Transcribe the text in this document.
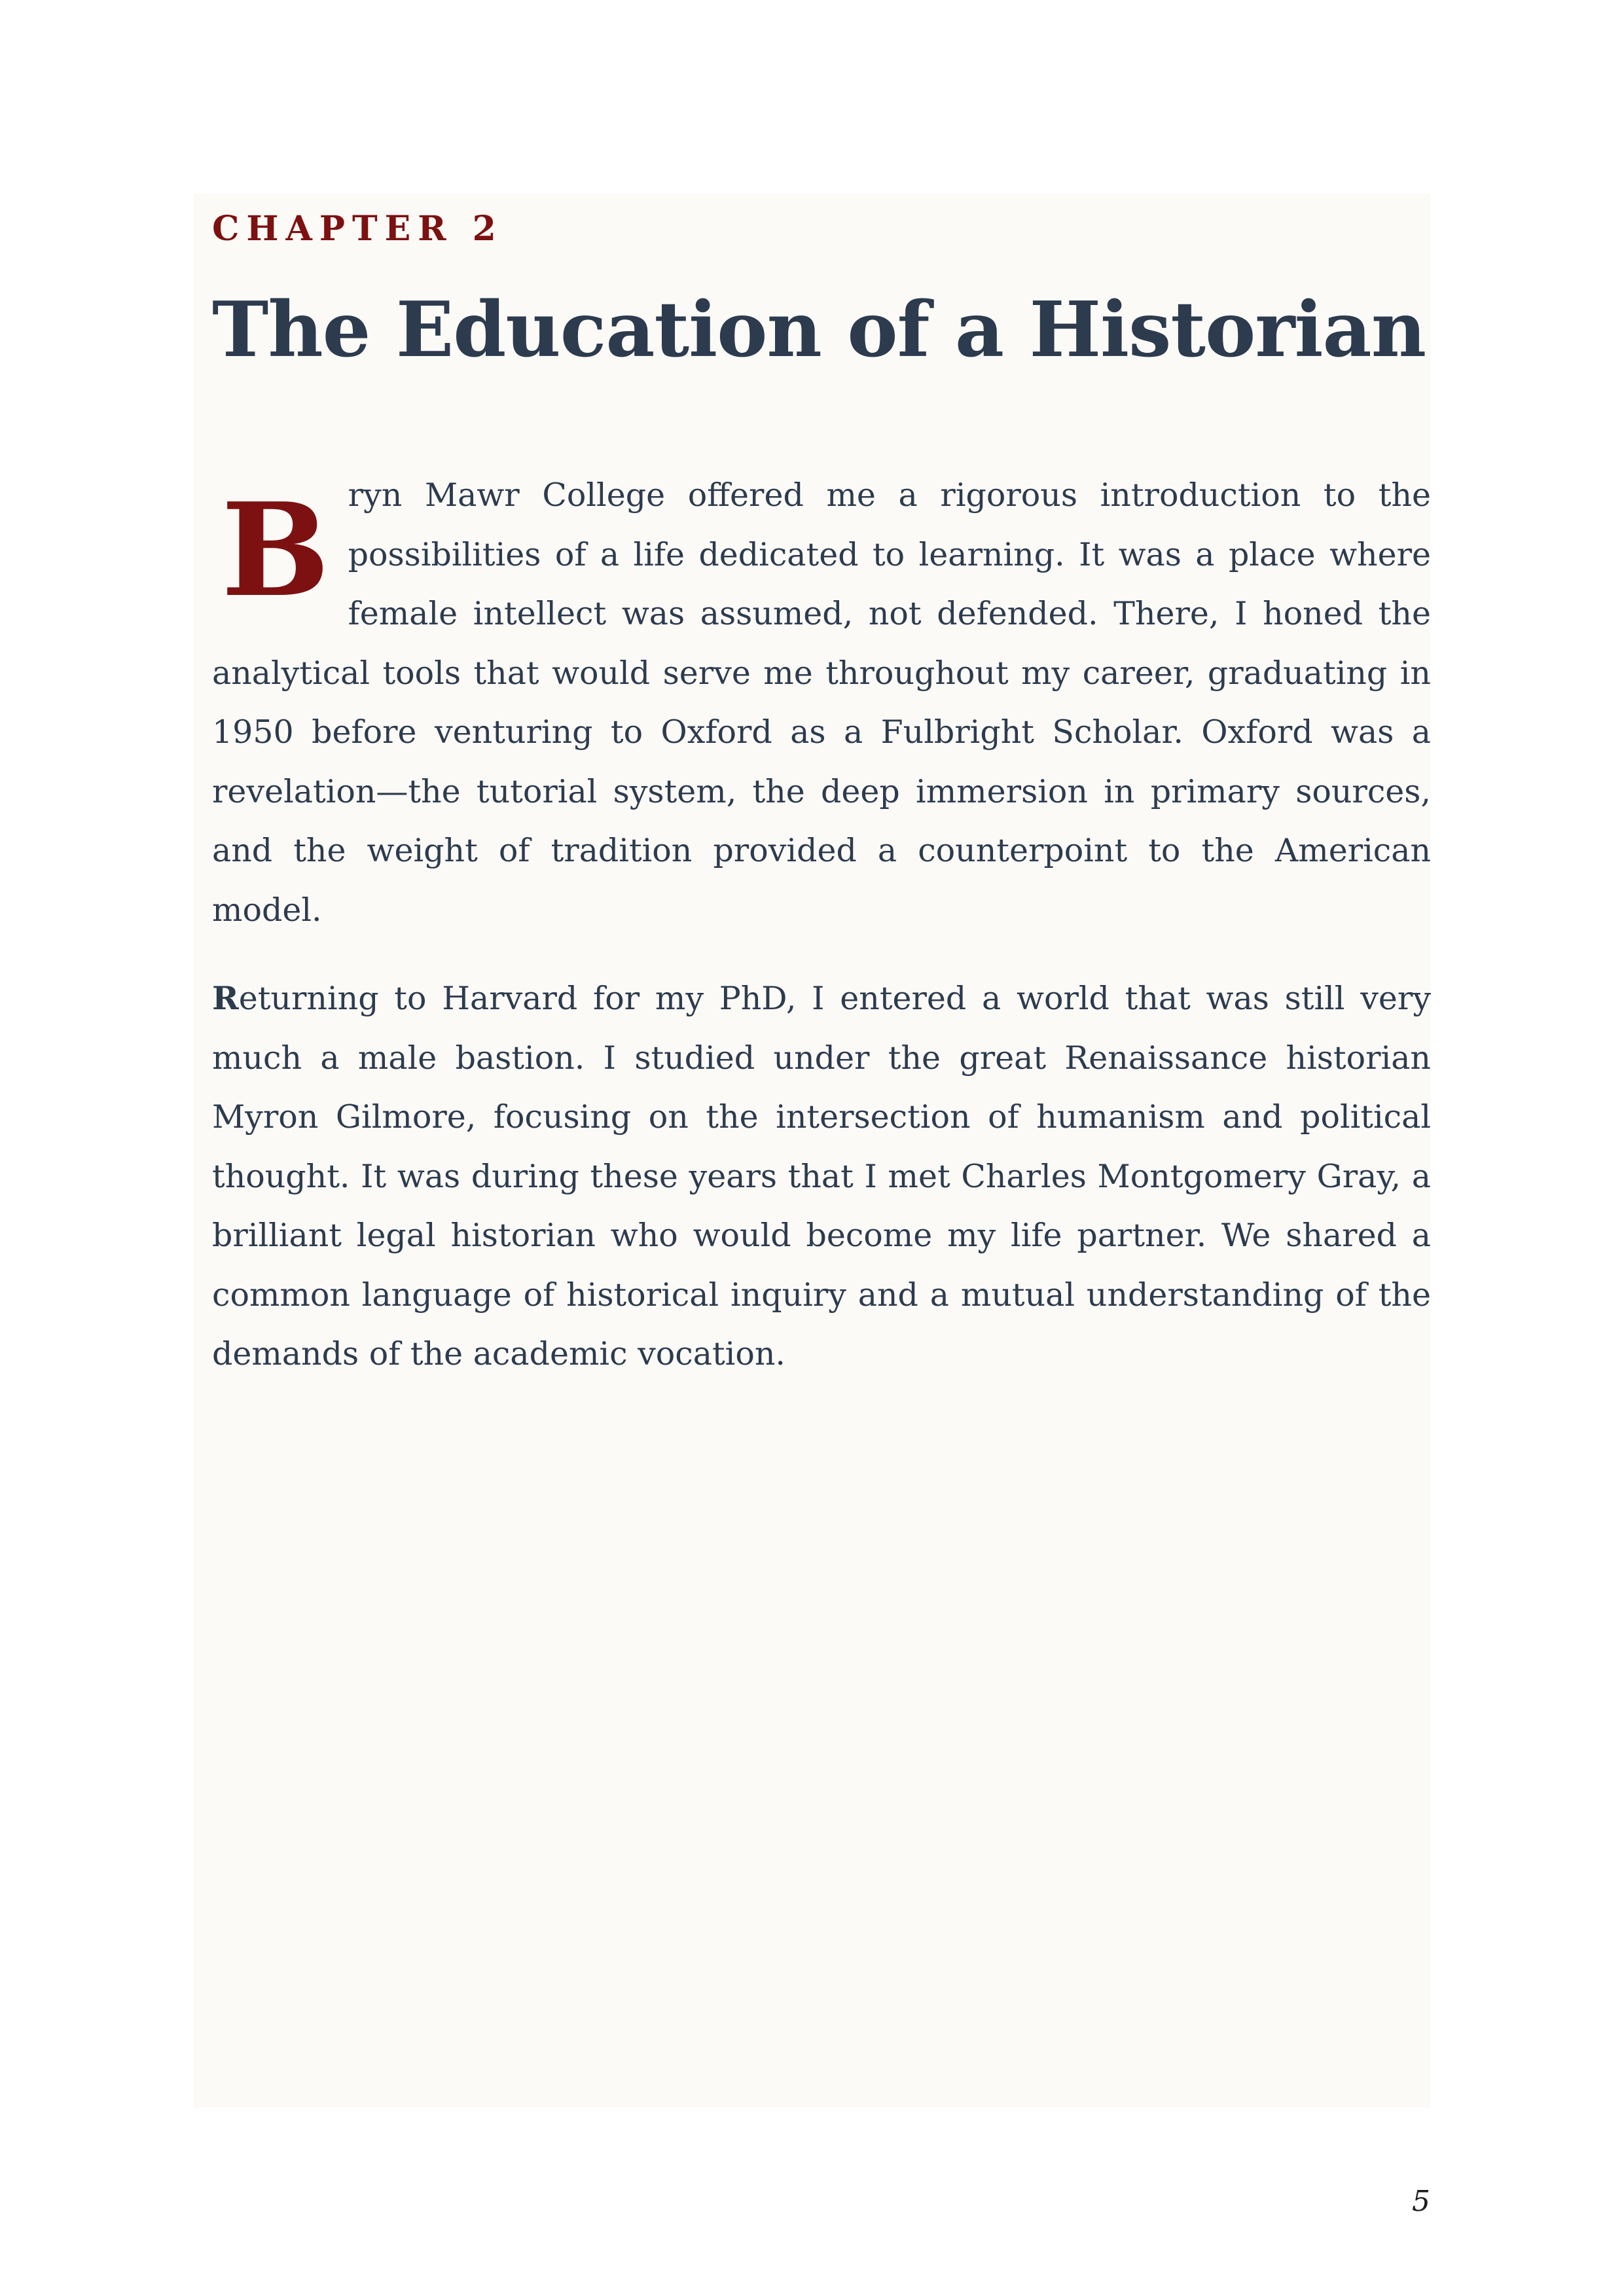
CHAPTER 2
The Education of a Historian

Bryn Mawr College offered me a rigorous introduction to the possibilities of a life dedicated to learning. It was a place where female intellect was assumed, not defended. There, I honed the analytical tools that would serve me throughout my career, graduating in 1950 before venturing to Oxford as a Fulbright Scholar. Oxford was a revelation—the tutorial system, the deep immersion in primary sources, and the weight of tradition provided a counterpoint to the American model.

Returning to Harvard for my PhD, I entered a world that was still very much a male bastion. I studied under the great Renaissance historian Myron Gilmore, focusing on the intersection of humanism and political thought. It was during these years that I met Charles Montgomery Gray, a brilliant legal historian who would become my life partner. We shared a common language of historical inquiry and a mutual understanding of the demands of the academic vocation.

5
